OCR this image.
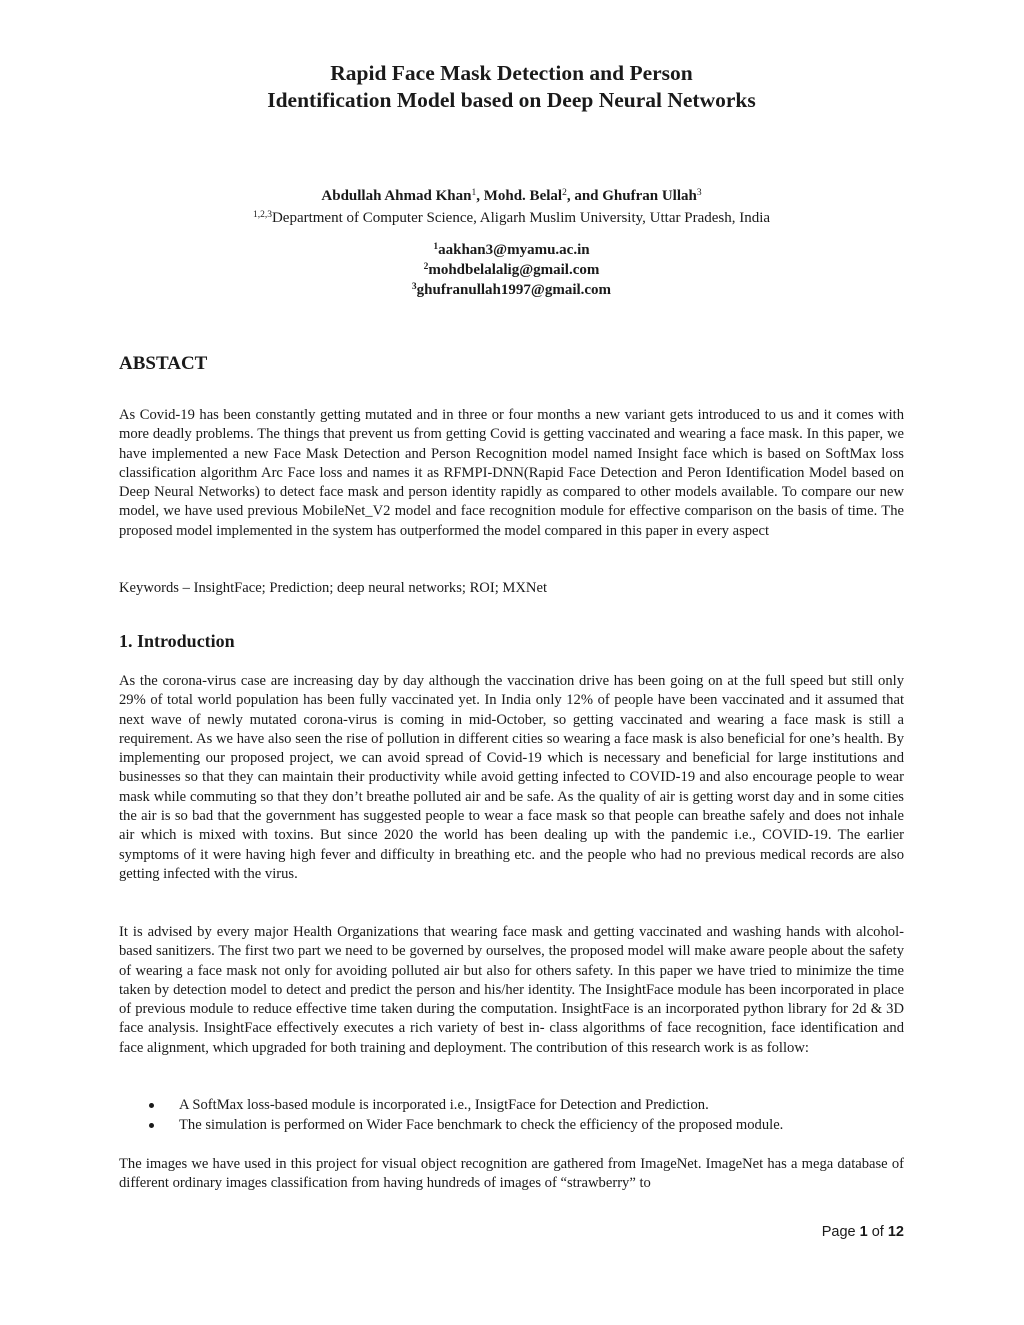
Rapid Face Mask Detection and Person
Identification Model based on Deep Neural Networks
Abdullah Ahmad Khan$^1$, Mohd. Belal$^2$, and Ghufran Ullah$^3$
$^{1,2,3}$Department of Computer Science, Aligarh Muslim University, Uttar Pradesh, India
$^1$aakhan3@myamu.ac.in
$^2$mohdbelalalig@gmail.com
$^3$ghufranullah1997@gmail.com
ABSTACT

As Covid-19 has been constantly getting mutated and in three or four months a new variant gets introduced to us and it comes with more deadly problems. The things that prevent us from getting Covid is getting vaccinated and wearing a face mask. In this paper, we have implemented a new Face Mask Detection and Person Recognition model named Insight face which is based on SoftMax loss classification algorithm Arc Face loss and names it as RFMPI-DNN(Rapid Face Detection and Peron Identification Model based on Deep Neural Networks) to detect face mask and person identity rapidly as compared to other models available. To compare our new model, we have used previous MobileNet_V2 model and face recognition module for effective comparison on the basis of time. The proposed model implemented in the system has outperformed the model compared in this paper in every aspect

Keywords – InsightFace; Prediction; deep neural networks; ROI; MXNet

1. Introduction

As the corona-virus case are increasing day by day although the vaccination drive has been going on at the full speed but still only 29% of total world population has been fully vaccinated yet. In India only 12% of people have been vaccinated and it assumed that next wave of newly mutated corona-virus is coming in mid-October, so getting vaccinated and wearing a face mask is still a requirement. As we have also seen the rise of pollution in different cities so wearing a face mask is also beneficial for one’s health. By implementing our proposed project, we can avoid spread of Covid-19 which is necessary and beneficial for large institutions and businesses so that they can maintain their productivity while avoid getting infected to COVID-19 and also encourage people to wear mask while commuting so that they don’t breathe polluted air and be safe. As the quality of air is getting worst day and in some cities the air is so bad that the government has suggested people to wear a face mask so that people can breathe safely and does not inhale air which is mixed with toxins. But since 2020 the world has been dealing up with the pandemic i.e., COVID-19. The earlier symptoms of it were having high fever and difficulty in breathing etc. and the people who had no previous medical records are also getting infected with the virus.

It is advised by every major Health Organizations that wearing face mask and getting vaccinated and washing hands with alcohol-based sanitizers. The first two part we need to be governed by ourselves, the proposed model will make aware people about the safety of wearing a face mask not only for avoiding polluted air but also for others safety. In this paper we have tried to minimize the time taken by detection model to detect and predict the person and his/her identity. The InsightFace module has been incorporated in place of previous module to reduce effective time taken during the computation. InsightFace is an incorporated python library for 2d & 3D face analysis. InsightFace effectively executes a rich variety of best in- class algorithms of face recognition, face identification and face alignment, which upgraded for both training and deployment. The contribution of this research work is as follow:

A SoftMax loss-based module is incorporated i.e., InsigtFace for Detection and Prediction.
The simulation is performed on Wider Face benchmark to check the efficiency of the proposed module.

The images we have used in this project for visual object recognition are gathered from ImageNet. ImageNet has a mega database of different ordinary images classification from having hundreds of images of “strawberry” to

Page 1 of 12
